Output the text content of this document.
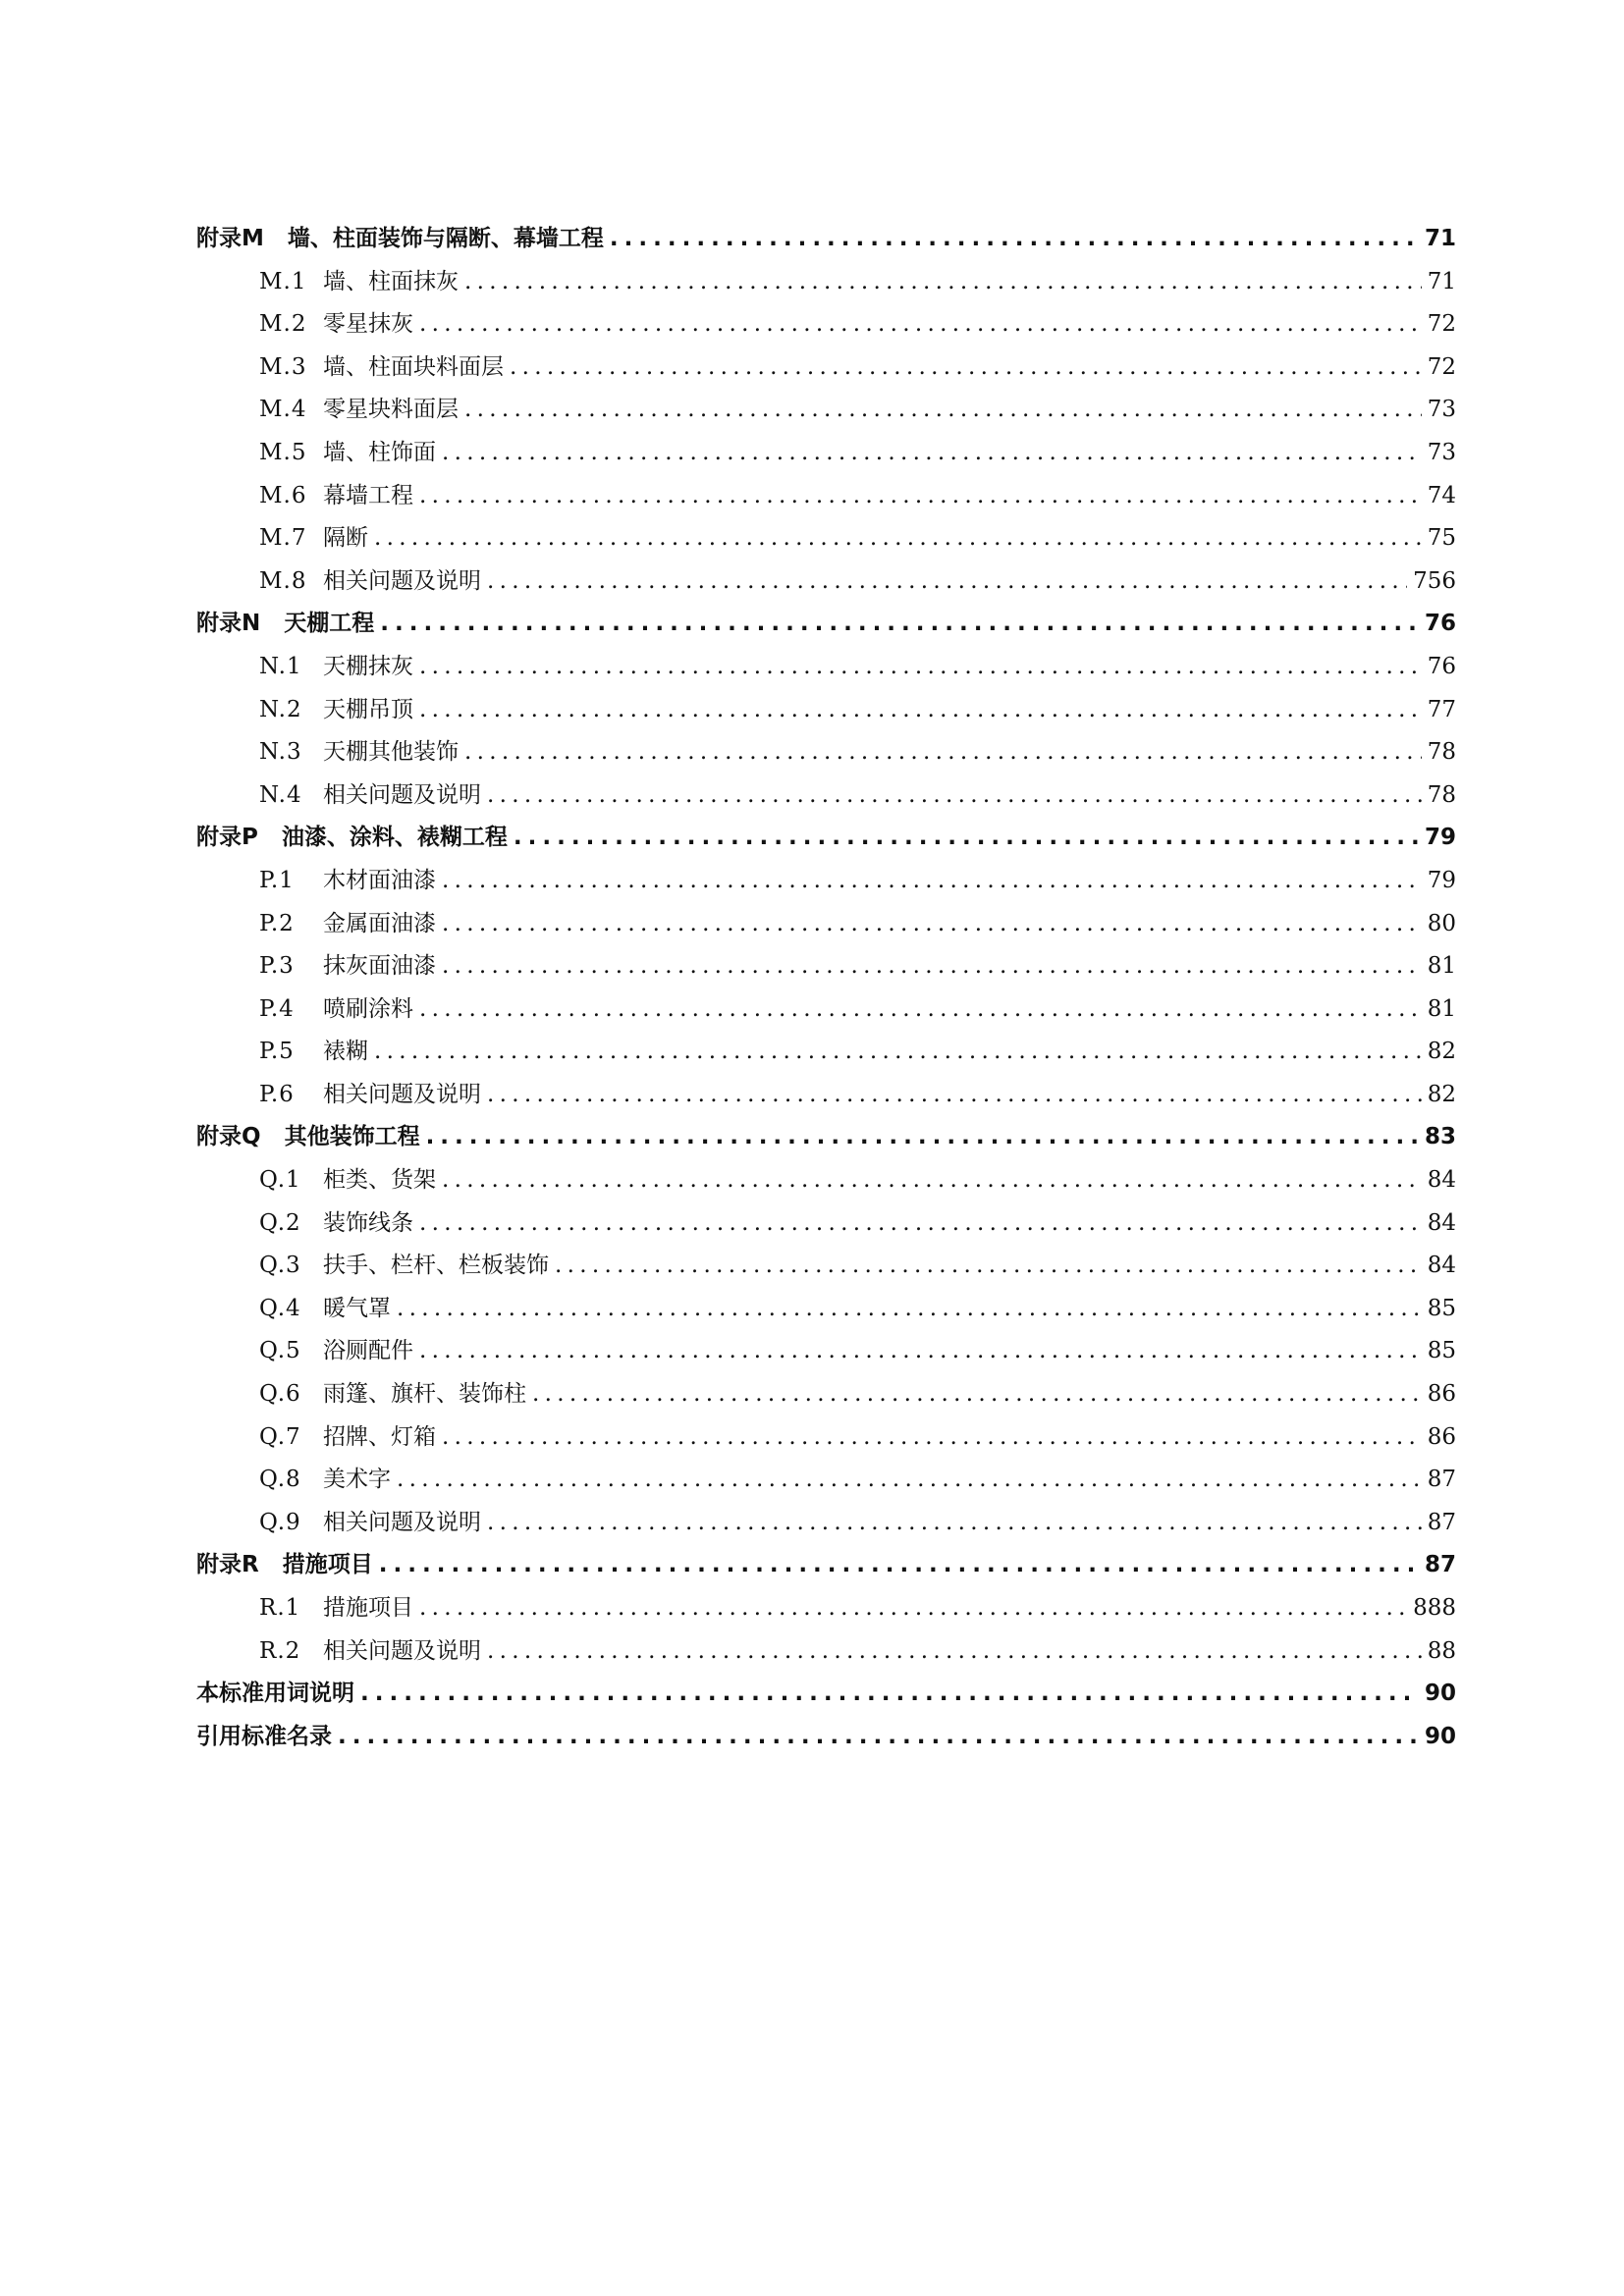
附录M 墙、柱面装饰与隔断、幕墙工程 . . .	71
M.1 墙、柱面抹灰 . . .	71
M.2 零星抹灰 . . .	72
M.3 墙、柱面块料面层 . . .	72
M.4 零星块料面层 . . .	73
M.5 墙、柱饰面 . . .	73
M.6 幕墙工程 . . .	74
M.7 隔断 . . .	75
M.8 相关问题及说明 . . .	756
附录N 天棚工程 . . .	76
N.1 天棚抹灰 . . .	76
N.2 天棚吊顶 . . .	77
N.3 天棚其他装饰 . . .	78
N.4 相关问题及说明 . . .	78
附录P 油漆、涂料、裱糊工程 . . .	79
P.1	木材面油漆 . . .	79
P.2	金属面油漆 . . .	80
P.3	抹灰面油漆 . . .	81
P.4	喷刷涂料 . . .	81
P.5	裱糊 . . .	82
P.6	相关问题及说明 . . .	82
附录Q 其他装饰工程 . . .	83
Q.1 柜类、货架 . . .	84
Q.2 装饰线条 . . .	84
Q.3 扶手、栏杆、栏板装饰 . . .	84
Q.4 暖气罩 . . .	85
Q.5 浴厕配件 . . .	85
Q.6 雨篷、旗杆、装饰柱 . . .	86
Q.7 招牌、灯箱 . . .	86
Q.8 美术字 . . .	87
Q.9 相关问题及说明 . . .	87
附录R 措施项目 . . .	87
R.1 措施项目 . . .	888
R.2 相关问题及说明 . . .	88
本标准用词说明 . . .	90
引用标准名录 . . .	90
